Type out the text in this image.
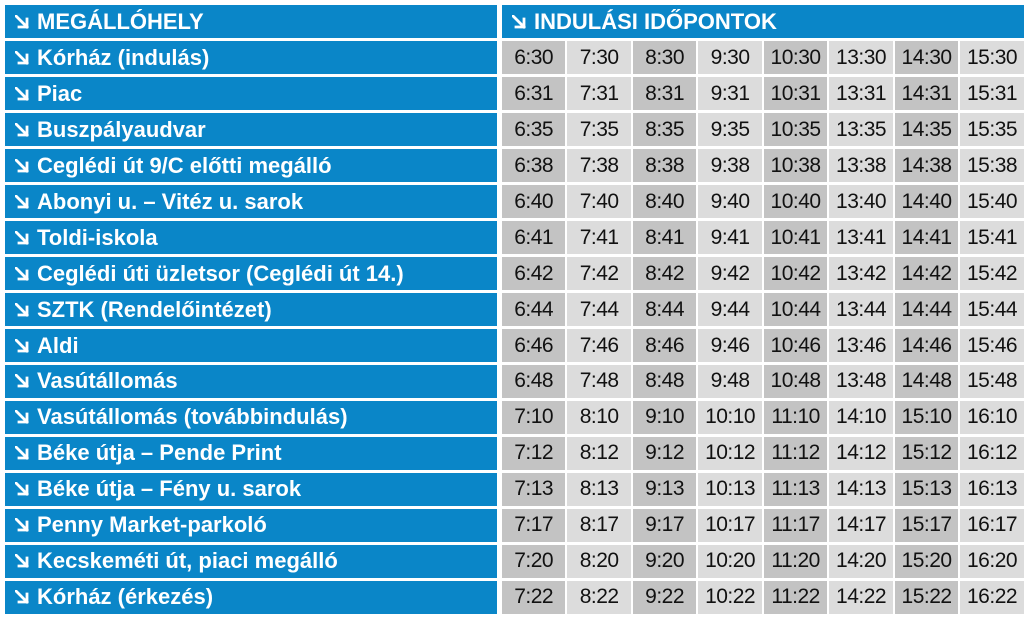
MEGÁLLÓHELY	INDULÁSI IDŐPONTOK
Kórház (indulás)	6:30	7:30	8:30	9:30	10:30 13:30 14:30 15:30
Piac	6:31	7:31	8:31	9:31	10:31 13:31 14:31 15:31
Buszpályaudvar	6:35	7:35	8:35	9:35	10:35 13:35 14:35 15:35
Ceglédi út 9/C előtti megálló	6:38	7:38	8:38	9:38	10:38 13:38 14:38 15:38
Abonyi u. – Vitéz u. sarok	6:40	7:40	8:40	9:40	10:40 13:40 14:40 15:40
Toldi-iskola	6:41	7:41	8:41	9:41	10:41 13:41 14:41 15:41
Ceglédi úti üzletsor (Ceglédi út 14.)	6:42	7:42	8:42	9:42	10:42 13:42 14:42 15:42
SZTK (Rendelőintézet)	6:44	7:44	8:44	9:44	10:44 13:44 14:44 15:44
Aldi	6:46	7:46	8:46	9:46	10:46 13:46 14:46 15:46
Vasútállomás	6:48	7:48	8:48	9:48	10:48 13:48 14:48 15:48
Vasútállomás (továbbindulás)	7:10	8:10	9:10	10:10 11:10 14:10 15:10 16:10
Béke útja – Pende Print	7:12	8:12	9:12	10:12 11:12 14:12 15:12 16:12
Béke útja – Fény u. sarok	7:13	8:13	9:13	10:13 11:13 14:13 15:13 16:13
Penny Market-parkoló	7:17	8:17	9:17	10:17 11:17 14:17 15:17 16:17
Kecskeméti út, piaci megálló	7:20	8:20	9:20	10:20 11:20 14:20 15:20 16:20
Kórház (érkezés)	7:22	8:22	9:22	10:22 11:22 14:22 15:22 16:22
